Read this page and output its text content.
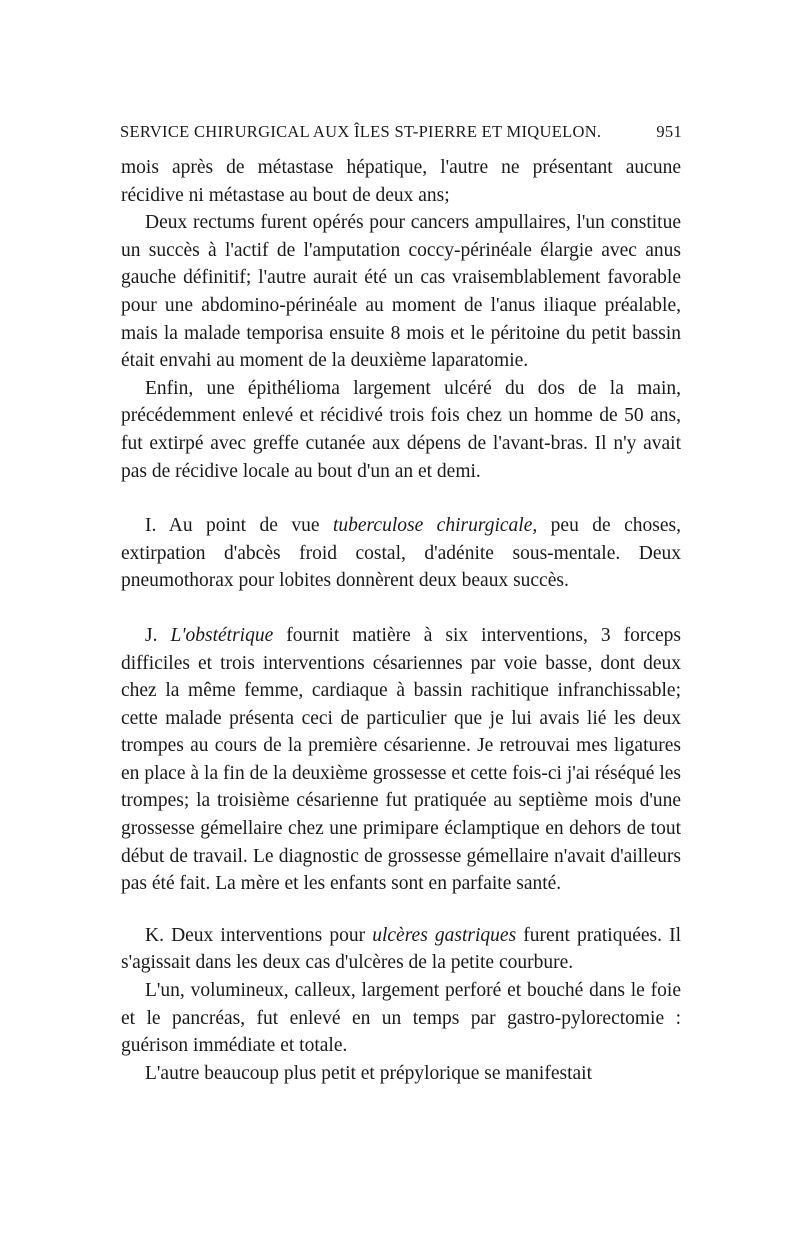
SERVICE CHIRURGICAL AUX ÎLES ST-PIERRE ET MIQUELON.	951

mois après de métastase hépatique, l'autre ne présentant aucune récidive ni métastase au bout de deux ans;

Deux rectums furent opérés pour cancers ampullaires, l'un constitue un succès à l'actif de l'amputation coccy-périnéale élargie avec anus gauche définitif; l'autre aurait été un cas vraisemblablement favorable pour une abdomino-périnéale au moment de l'anus iliaque préalable, mais la malade temporisa ensuite 8 mois et le péritoine du petit bassin était envahi au moment de la deuxième laparatomie.

Enfin, une épithélioma largement ulcéré du dos de la main, précédemment enlevé et récidivé trois fois chez un homme de 50 ans, fut extirpé avec greffe cutanée aux dépens de l'avant-bras. Il n'y avait pas de récidive locale au bout d'un an et demi.

I. Au point de vue tuberculose chirurgicale, peu de choses, extirpation d'abcès froid costal, d'adénite sous-mentale. Deux pneumothorax pour lobites donnèrent deux beaux succès.

J. L'obstétrique fournit matière à six interventions, 3 forceps difficiles et trois interventions césariennes par voie basse, dont deux chez la même femme, cardiaque à bassin rachitique infranchissable; cette malade présenta ceci de particulier que je lui avais lié les deux trompes au cours de la première césarienne. Je retrouvai mes ligatures en place à la fin de la deuxième grossesse et cette fois-ci j'ai réséqué les trompes; la troisième césarienne fut pratiquée au septième mois d'une grossesse gémellaire chez une primipare éclamptique en dehors de tout début de travail. Le diagnostic de grossesse gémellaire n'avait d'ailleurs pas été fait. La mère et les enfants sont en parfaite santé.

K. Deux interventions pour ulcères gastriques furent pratiquées. Il s'agissait dans les deux cas d'ulcères de la petite courbure.

L'un, volumineux, calleux, largement perforé et bouché dans le foie et le pancréas, fut enlevé en un temps par gastro-pylorectomie : guérison immédiate et totale.

L'autre beaucoup plus petit et prépylorique se manifestait
